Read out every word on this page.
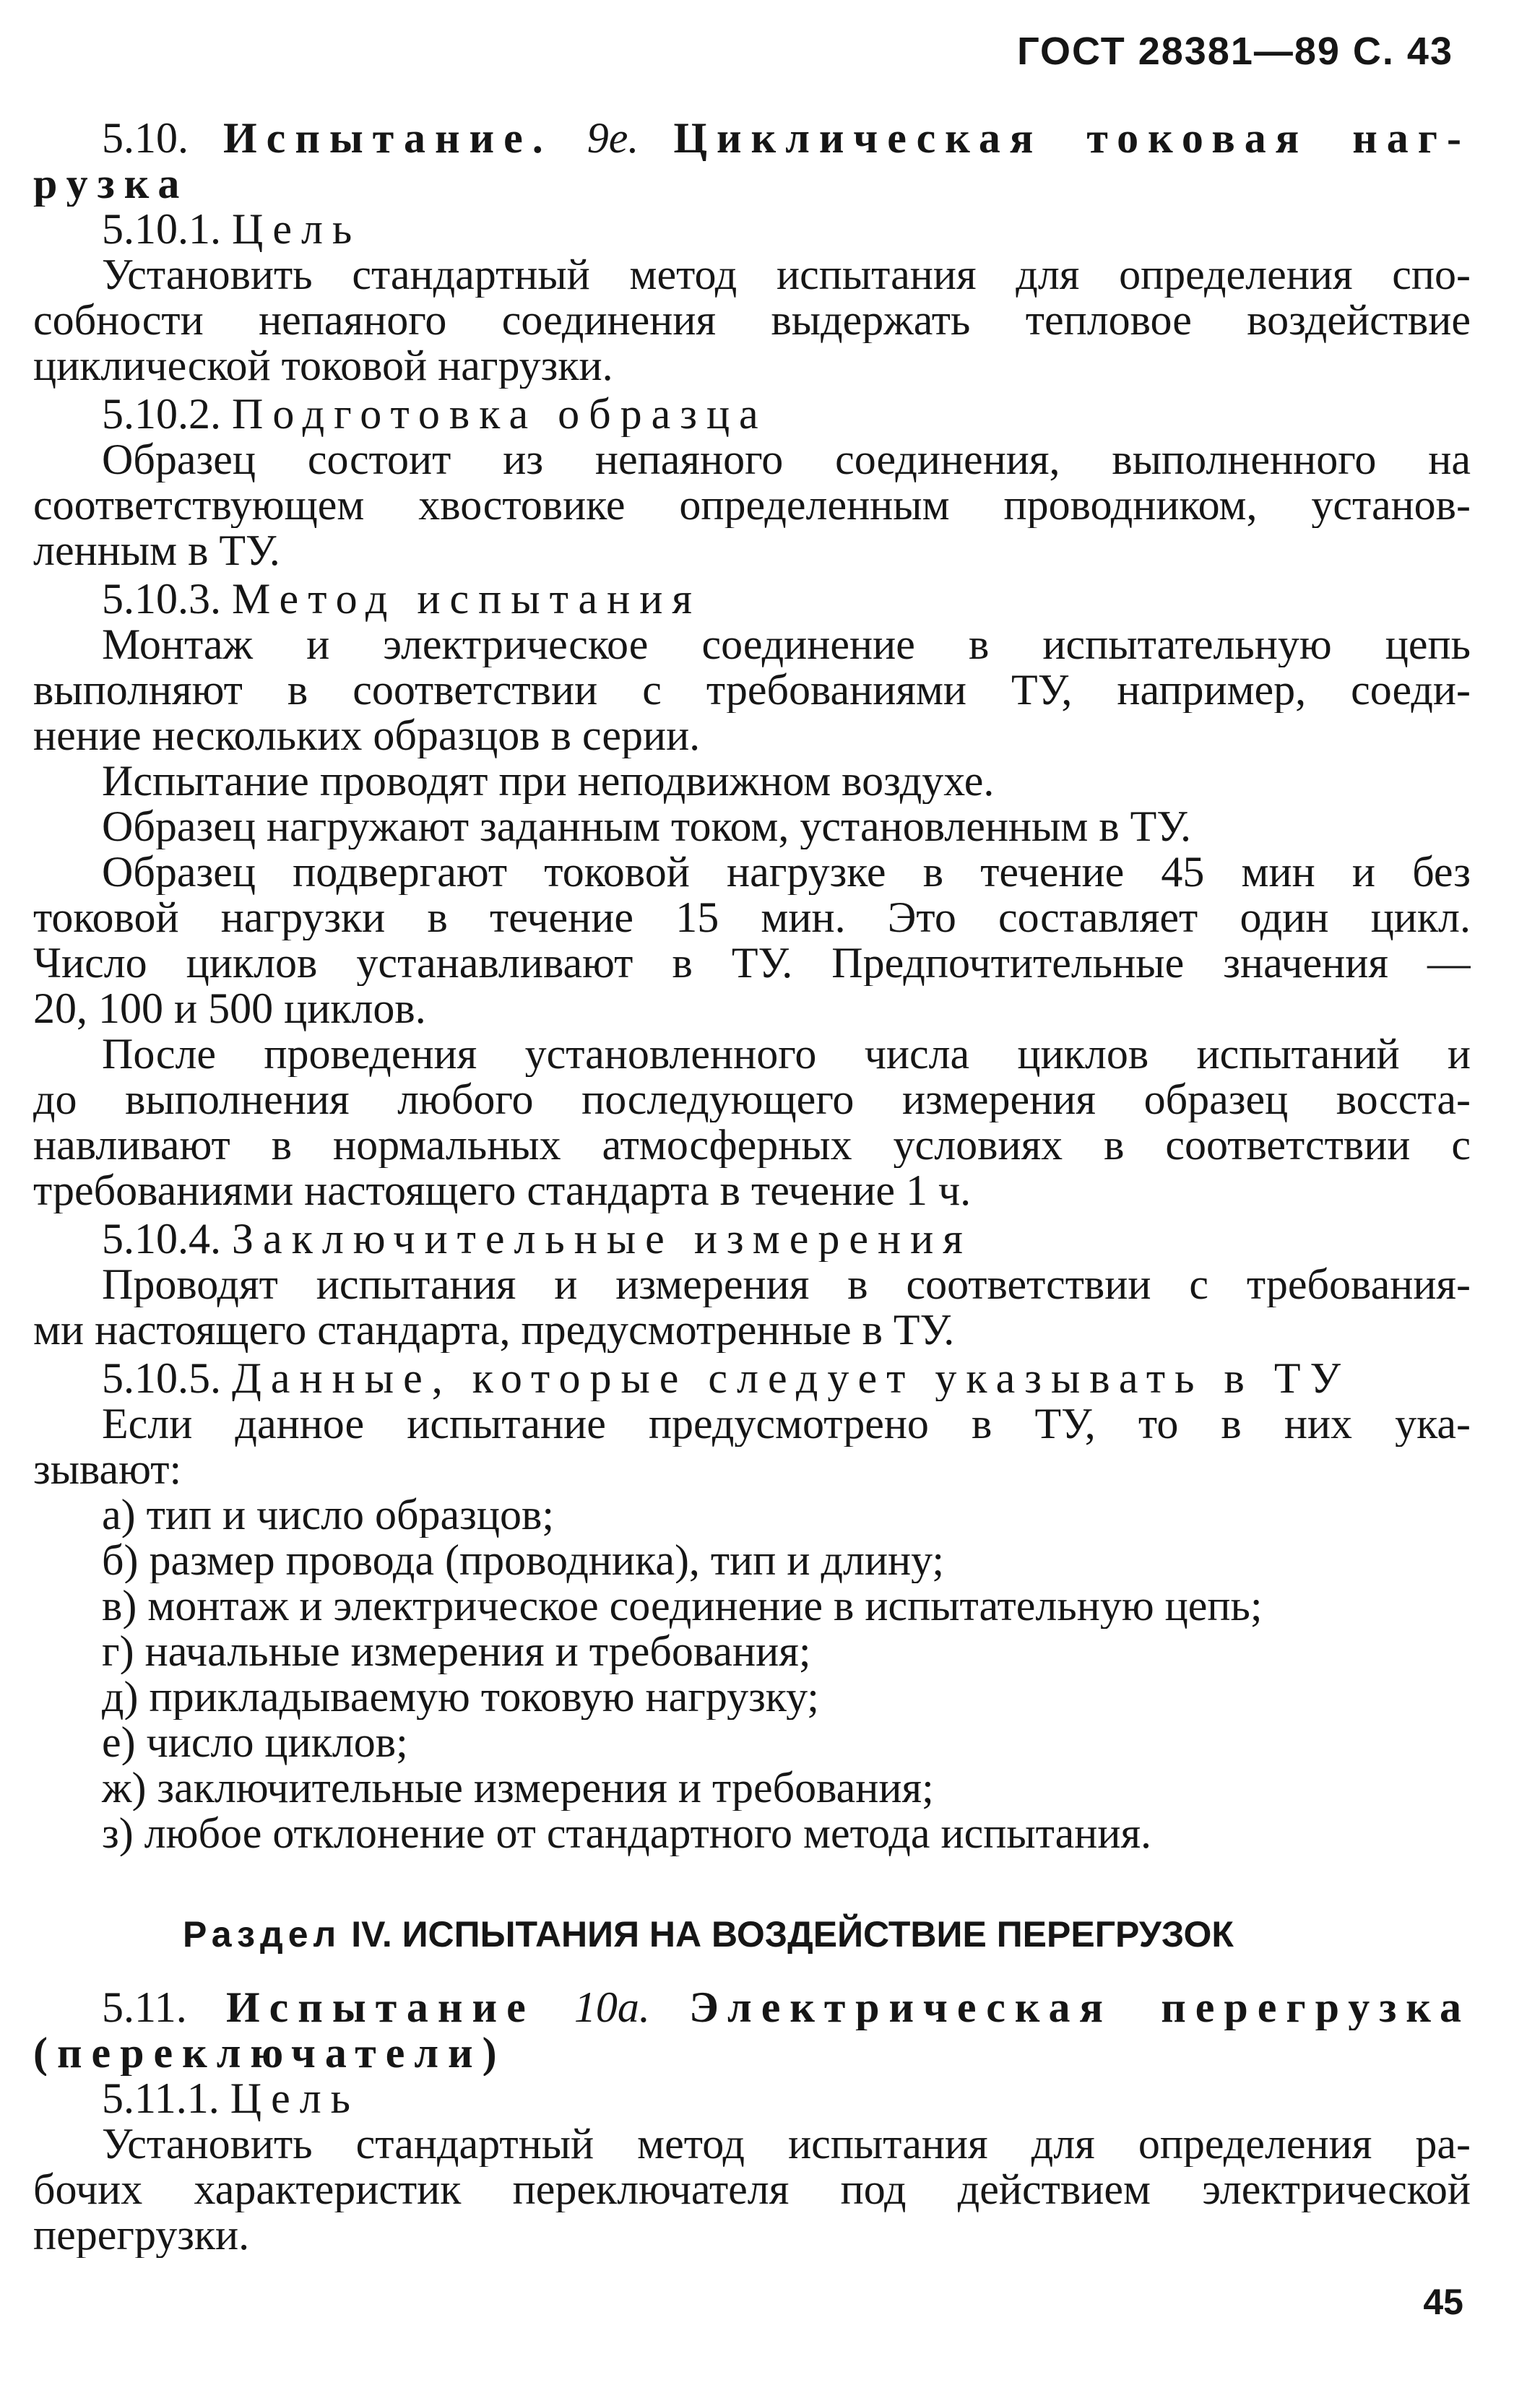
ГОСТ 28381—89 С. 43
5.10. Испытание. 9е. Циклическая токовая наг-
рузка
5.10.1. Цель
Установить стандартный метод испытания для определения спо-
собности непаяного соединения выдержать тепловое воздействие
циклической токовой нагрузки.
5.10.2. Подготовка образца
Образец состоит из непаяного соединения, выполненного на
соответствующем хвостовике определенным проводником, установ-
ленным в ТУ.
5.10.3. Метод испытания
Монтаж и электрическое соединение в испытательную цепь
выполняют в соответствии с требованиями ТУ, например, соеди-
нение нескольких образцов в серии.
Испытание проводят при неподвижном воздухе.
Образец нагружают заданным током, установленным в ТУ.
Образец подвергают токовой нагрузке в течение 45 мин и без
токовой нагрузки в течение 15 мин. Это составляет один цикл.
Число циклов устанавливают в ТУ. Предпочтительные значения —
20, 100 и 500 циклов.
После проведения установленного числа циклов испытаний и
до выполнения любого последующего измерения образец восста-
навливают в нормальных атмосферных условиях в соответствии с
требованиями настоящего стандарта в течение 1 ч.
5.10.4. Заключительные измерения
Проводят испытания и измерения в соответствии с требования-
ми настоящего стандарта, предусмотренные в ТУ.
5.10.5. Данные, которые следует указывать в ТУ
Если данное испытание предусмотрено в ТУ, то в них ука-
зывают:
а) тип и число образцов;
б) размер провода (проводника), тип и длину;
в) монтаж и электрическое соединение в испытательную цепь;
г) начальные измерения и требования;
д) прикладываемую токовую нагрузку;
е) число циклов;
ж) заключительные измерения и требования;
з) любое отклонение от стандартного метода испытания.
Раздел IV. ИСПЫТАНИЯ НА ВОЗДЕЙСТВИЕ ПЕРЕГРУЗОК
5.11. Испытание 10а. Электрическая перегрузка
(переключатели)
5.11.1. Цель
Установить стандартный метод испытания для определения ра-
бочих характеристик переключателя под действием электрической
перегрузки.
45
